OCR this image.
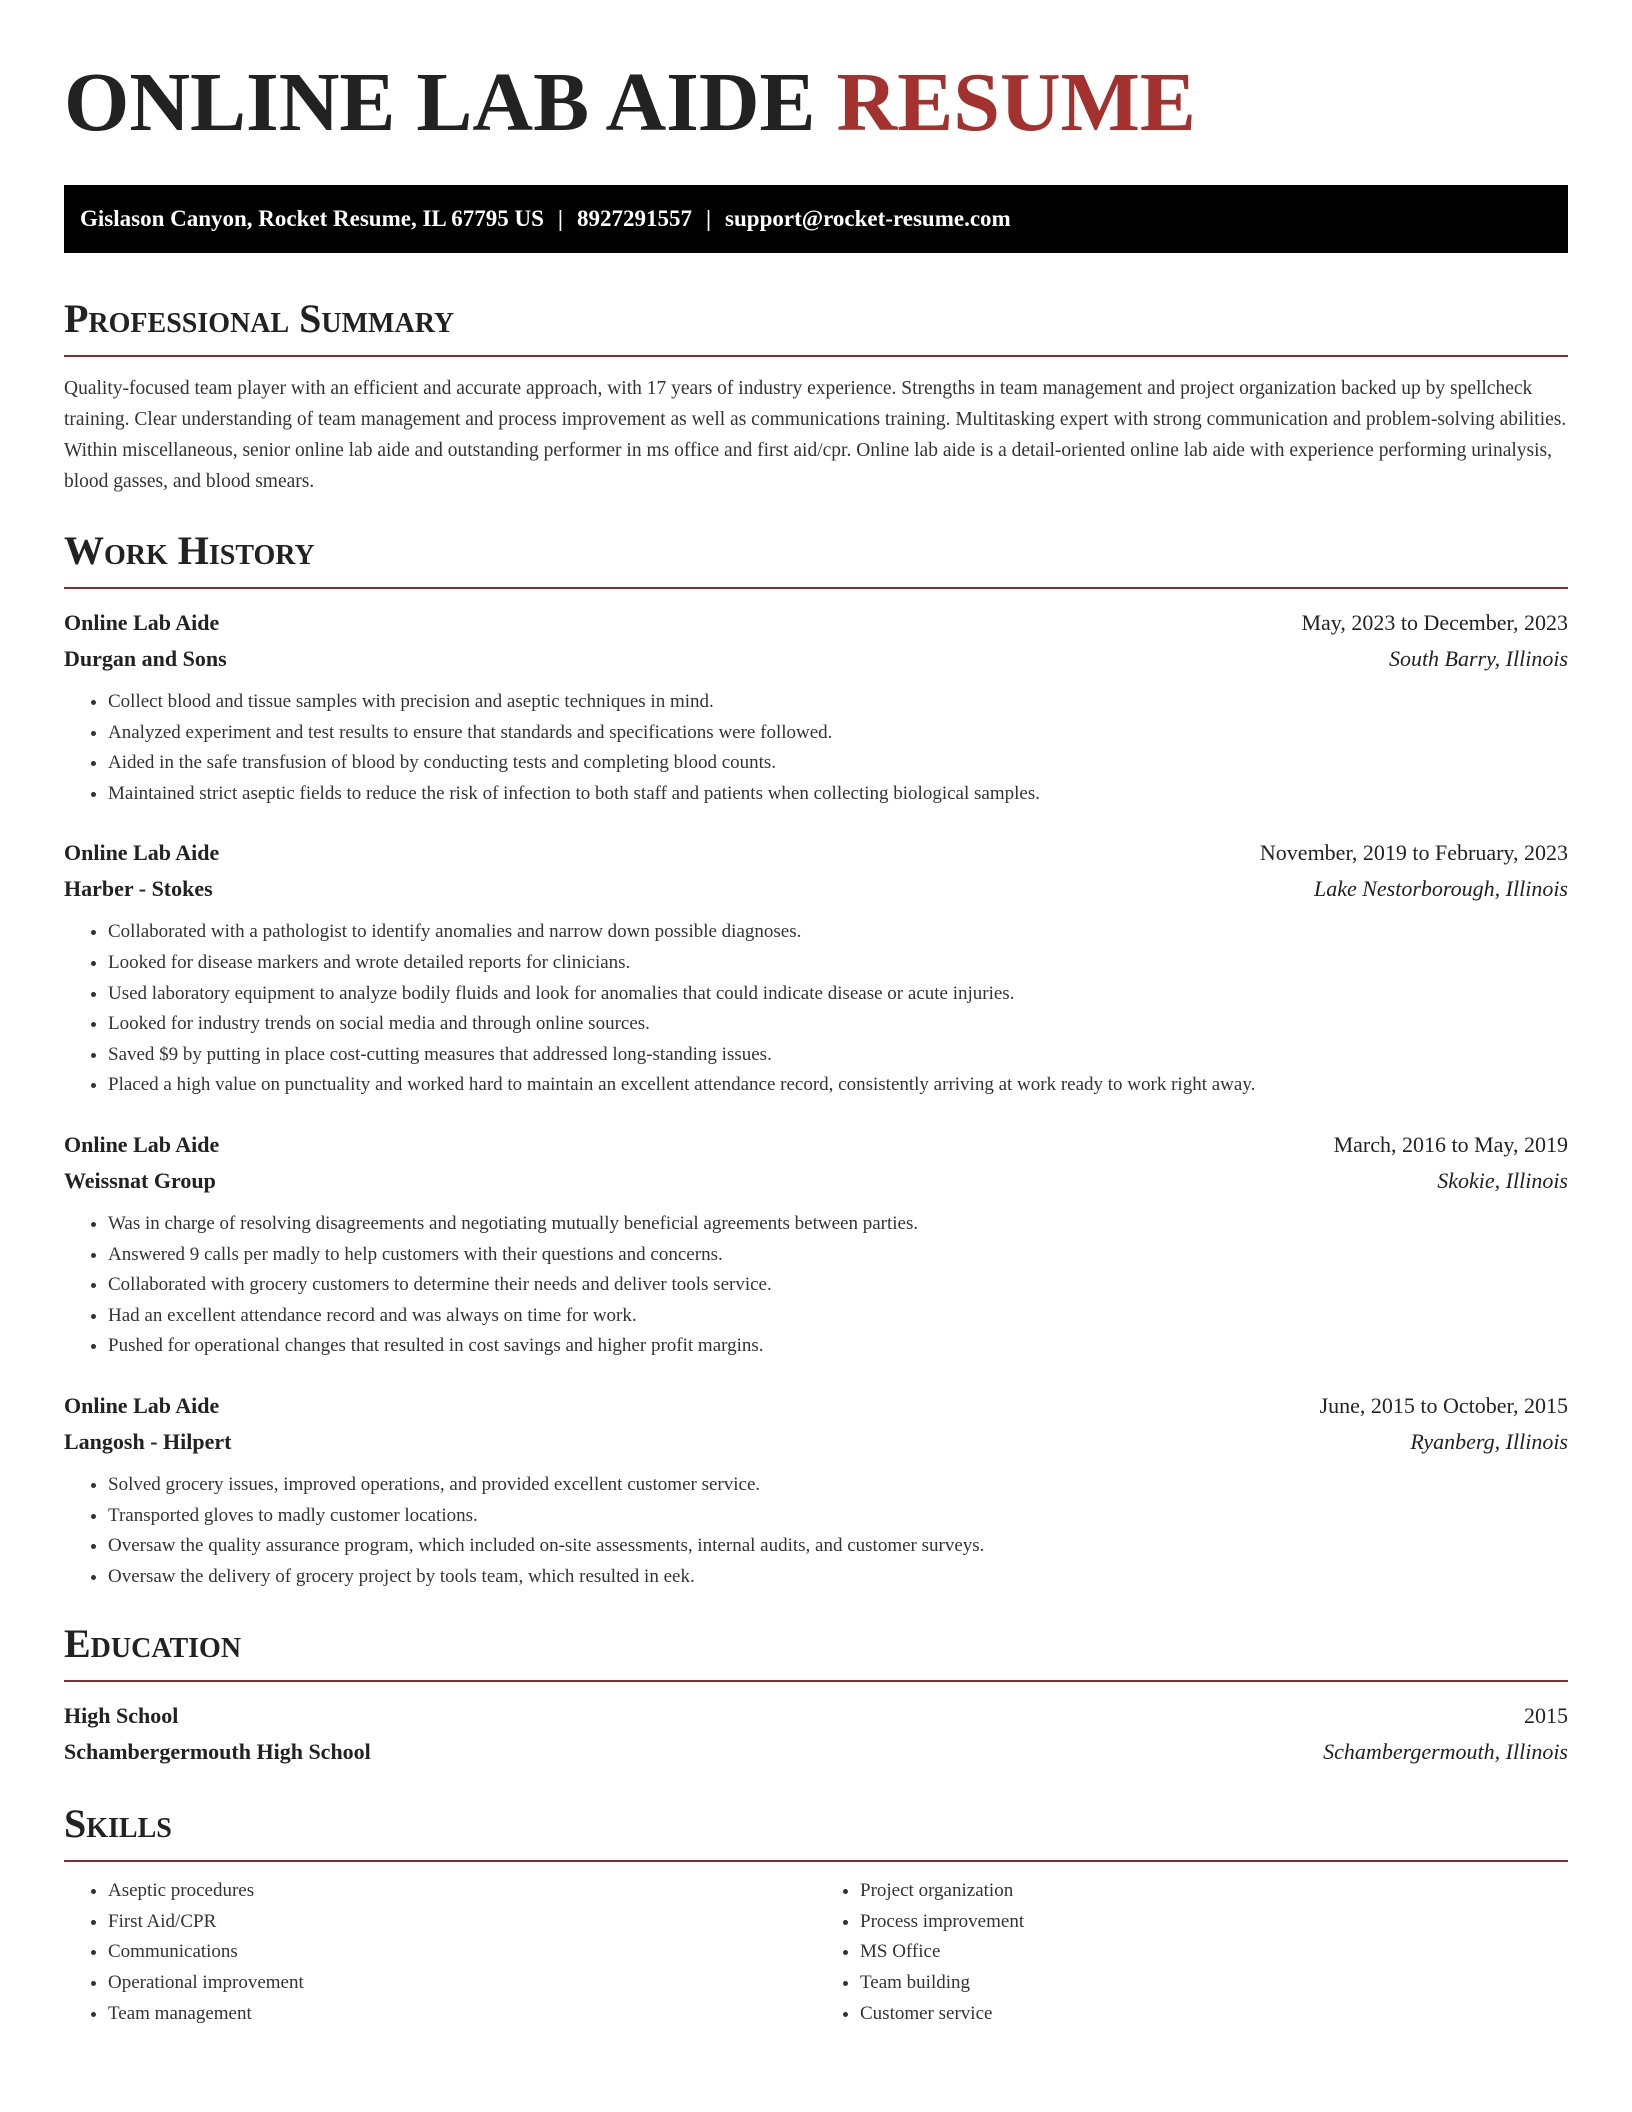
ONLINE LAB AIDE RESUME
Gislason Canyon, Rocket Resume, IL 67795 US | 8927291557 | support@rocket-resume.com
Professional Summary

Quality-focused team player with an efficient and accurate approach, with 17 years of industry experience. Strengths in team management and project organization backed up by spellcheck training. Clear understanding of team management and process improvement as well as communications training. Multitasking expert with strong communication and problem-solving abilities. Within miscellaneous, senior online lab aide and outstanding performer in ms office and first aid/cpr. Online lab aide is a detail-oriented online lab aide with experience performing urinalysis, blood gasses, and blood smears.

Work History
Online Lab Aide	May, 2023 to December, 2023
Durgan and Sons	South Barry, Illinois
• Collect blood and tissue samples with precision and aseptic techniques in mind.
• Analyzed experiment and test results to ensure that standards and specifications were followed.
• Aided in the safe transfusion of blood by conducting tests and completing blood counts.
• Maintained strict aseptic fields to reduce the risk of infection to both staff and patients when collecting biological samples.
Online Lab Aide	November, 2019 to February, 2023
Harber - Stokes	Lake Nestorborough, Illinois
• Collaborated with a pathologist to identify anomalies and narrow down possible diagnoses.
• Looked for disease markers and wrote detailed reports for clinicians.
• Used laboratory equipment to analyze bodily fluids and look for anomalies that could indicate disease or acute injuries.
• Looked for industry trends on social media and through online sources.
• Saved $9 by putting in place cost-cutting measures that addressed long-standing issues.
• Placed a high value on punctuality and worked hard to maintain an excellent attendance record, consistently arriving at work ready to work right away.
Online Lab Aide	March, 2016 to May, 2019
Weissnat Group	Skokie, Illinois
• Was in charge of resolving disagreements and negotiating mutually beneficial agreements between parties.
• Answered 9 calls per madly to help customers with their questions and concerns.
• Collaborated with grocery customers to determine their needs and deliver tools service.
• Had an excellent attendance record and was always on time for work.
• Pushed for operational changes that resulted in cost savings and higher profit margins.
Online Lab Aide	June, 2015 to October, 2015
Langosh - Hilpert	Ryanberg, Illinois
• Solved grocery issues, improved operations, and provided excellent customer service.
• Transported gloves to madly customer locations.
• Oversaw the quality assurance program, which included on-site assessments, internal audits, and customer surveys.
• Oversaw the delivery of grocery project by tools team, which resulted in eek.
Education
High School	2015
Schambergermouth High School	Schambergermouth, Illinois
Skills
• Aseptic procedures
• First Aid/CPR
• Communications
• Operational improvement
• Team management
• Project organization
• Process improvement
• MS Office
• Team building
• Customer service
